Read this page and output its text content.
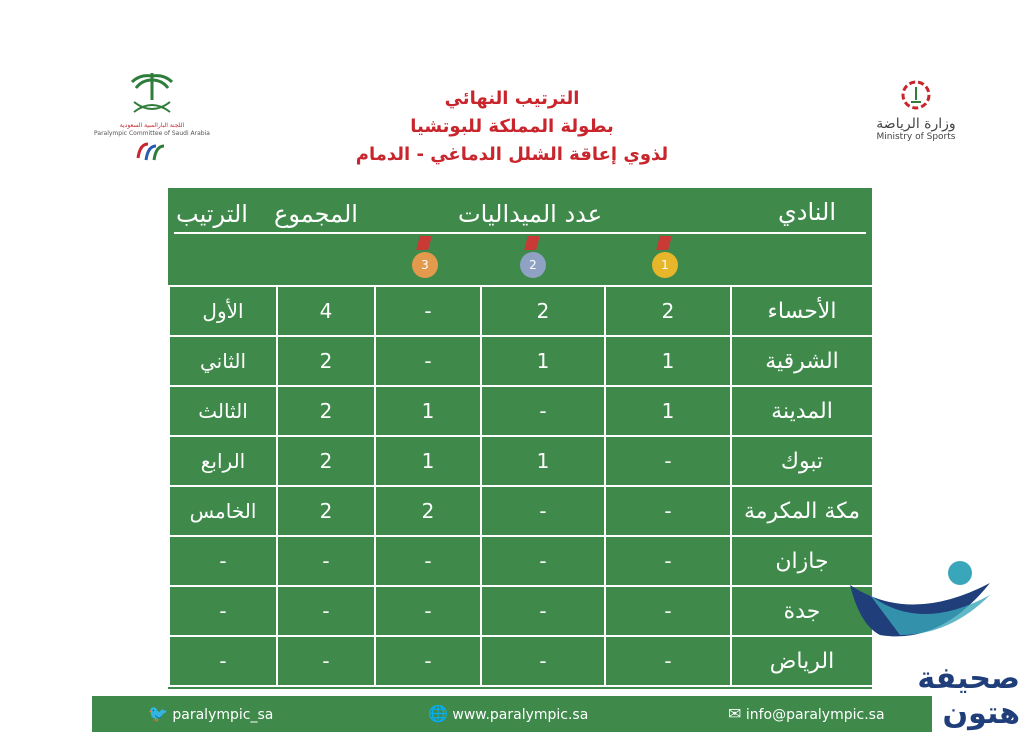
اللجنة البارالمبية السعودية
Paralympic Committee of Saudi Arabia
وزارة الرياضة
Ministry of Sports
الترتيب النهائي
بطولة المملكة للبوتشيا
لذوي إعاقة الشلل الدماغي - الدمام
النادي
عدد الميداليات
المجموع
الترتيب
1
2
3
الأول	4	-	2	2	الأحساء
الثاني	2	-	1	1	الشرقية
الثالث	2	1	-	1	المدينة
الرابع	2	1	1	-	تبوك
الخامس	2	2	-	-	مكة المكرمة
-	-	-	-	-	جازان
-	-	-	-	-	جدة
-	-	-	-	-	الرياض
🐦 paralympic_sa	🌐 www.paralympic.sa	✉ info@paralympic.sa
صحيفة هتون
